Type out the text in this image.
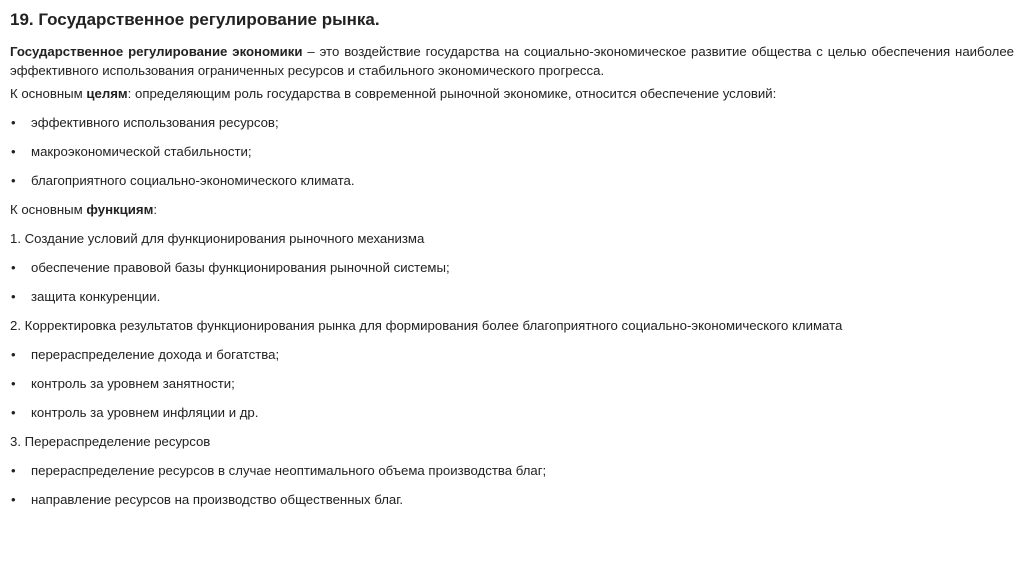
19. Государственное регулирование рынка.

Государственное регулирование экономики – это воздействие государства на социально-экономическое развитие общества с целью обеспечения наиболее эффективного использования ограниченных ресурсов и стабильного экономического прогресса.

К основным целям: определяющим роль государства в современной рыночной экономике, относится обеспечение условий:
• эффективного использования ресурсов;
• макроэкономической стабильности;
• благоприятного социально-экономического климата.
К основным функциям:
1. Создание условий для функционирования рыночного механизма
• обеспечение правовой базы функционирования рыночной системы;
• защита конкуренции.
2. Корректировка результатов функционирования рынка для формирования более благоприятного социально-экономического климата
• перераспределение дохода и богатства;
• контроль за уровнем занятности;
• контроль за уровнем инфляции и др.
3. Перераспределение ресурсов
• перераспределение ресурсов в случае неоптимального объема производства благ;
• направление ресурсов на производство общественных благ.
